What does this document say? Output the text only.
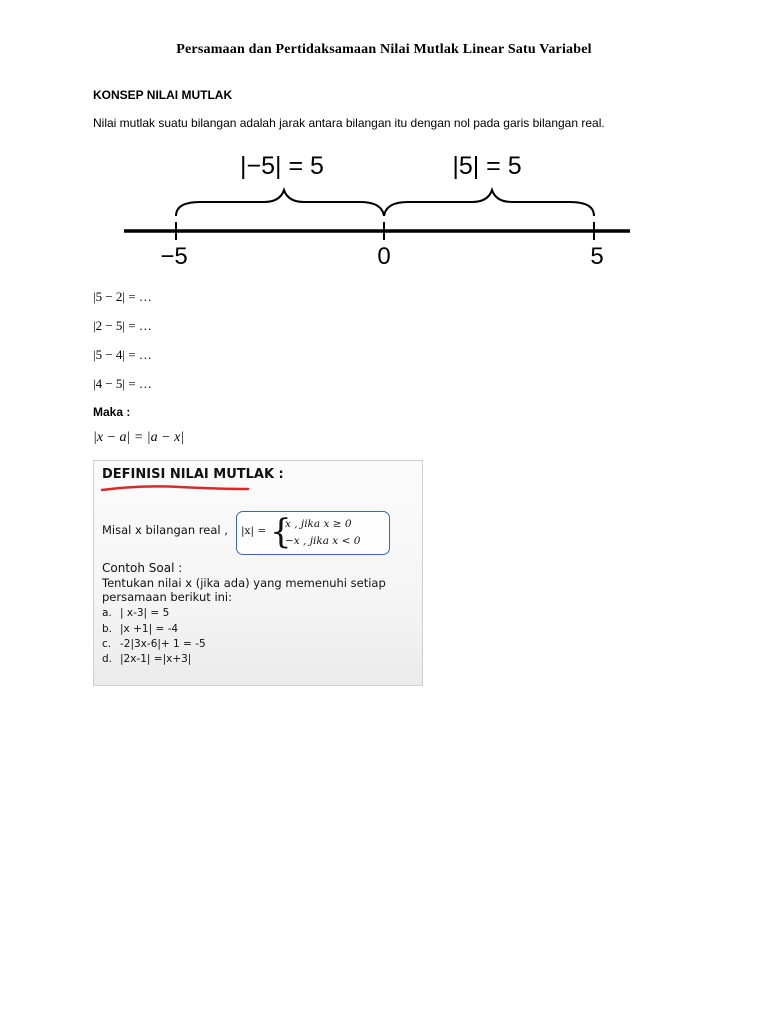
Persamaan dan Pertidaksamaan Nilai Mutlak Linear Satu Variabel
KONSEP NILAI MUTLAK
Nilai mutlak suatu bilangan adalah jarak antara bilangan itu dengan nol pada garis bilangan real.
|−5| = 5	|5| = 5
−5	0	5
|5 − 2| = …
|2 − 5| = …
|5 − 4| = …
|4 − 5| = …
Maka :
|x − a| = |a − x|
DEFINISI NILAI MUTLAK :
Misal x bilangan real , |x| = {
x , jika x ≥ 0
−x , jika x < 0
Contoh Soal :
Tentukan nilai x (jika ada) yang memenuhi setiap
persamaan berikut ini:
a. | x-3| = 5
b. |x +1| = -4
c. -2|3x-6|+ 1 = -5
d. |2x-1| =|x+3|
